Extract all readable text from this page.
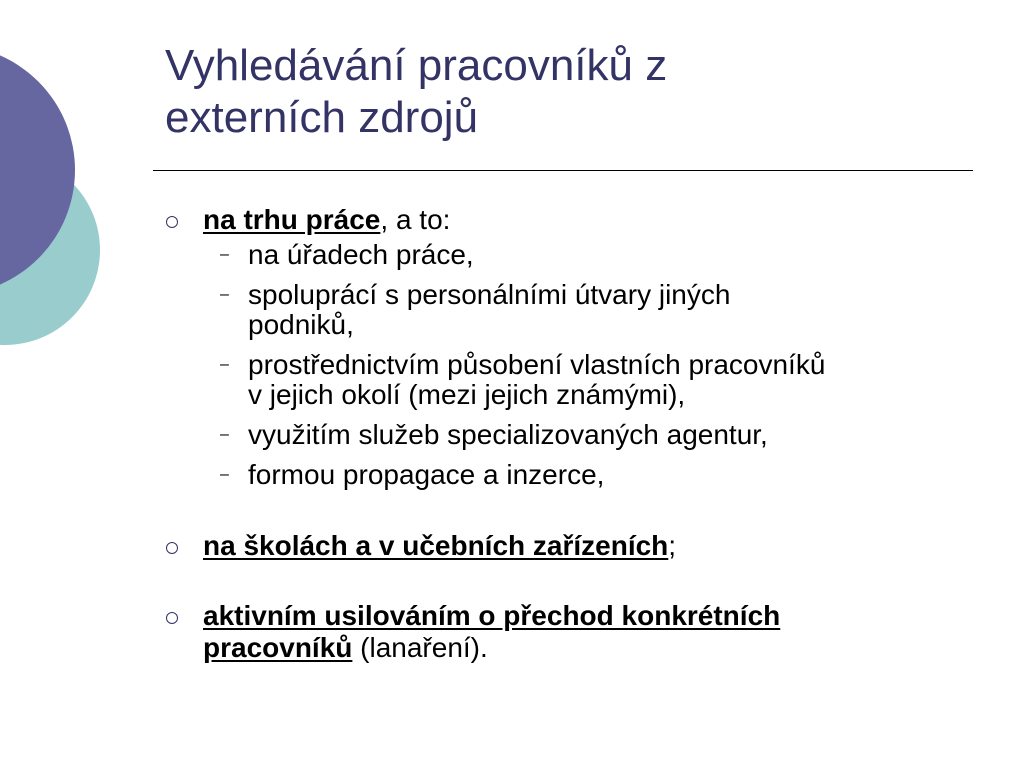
Vyhledávání pracovníků z
externích zdrojů
na trhu práce, a to:
– na úřadech práce,
– spoluprácí s personálními útvary jiných
podniků,
– prostřednictvím působení vlastních pracovníků
v jejich okolí (mezi jejich známými),
– využitím služeb specializovaných agentur,
– formou propagace a inzerce,
na školách a v učebních zařízeních;
aktivním usilováním o přechod konkrétních
pracovníků (lanaření).
